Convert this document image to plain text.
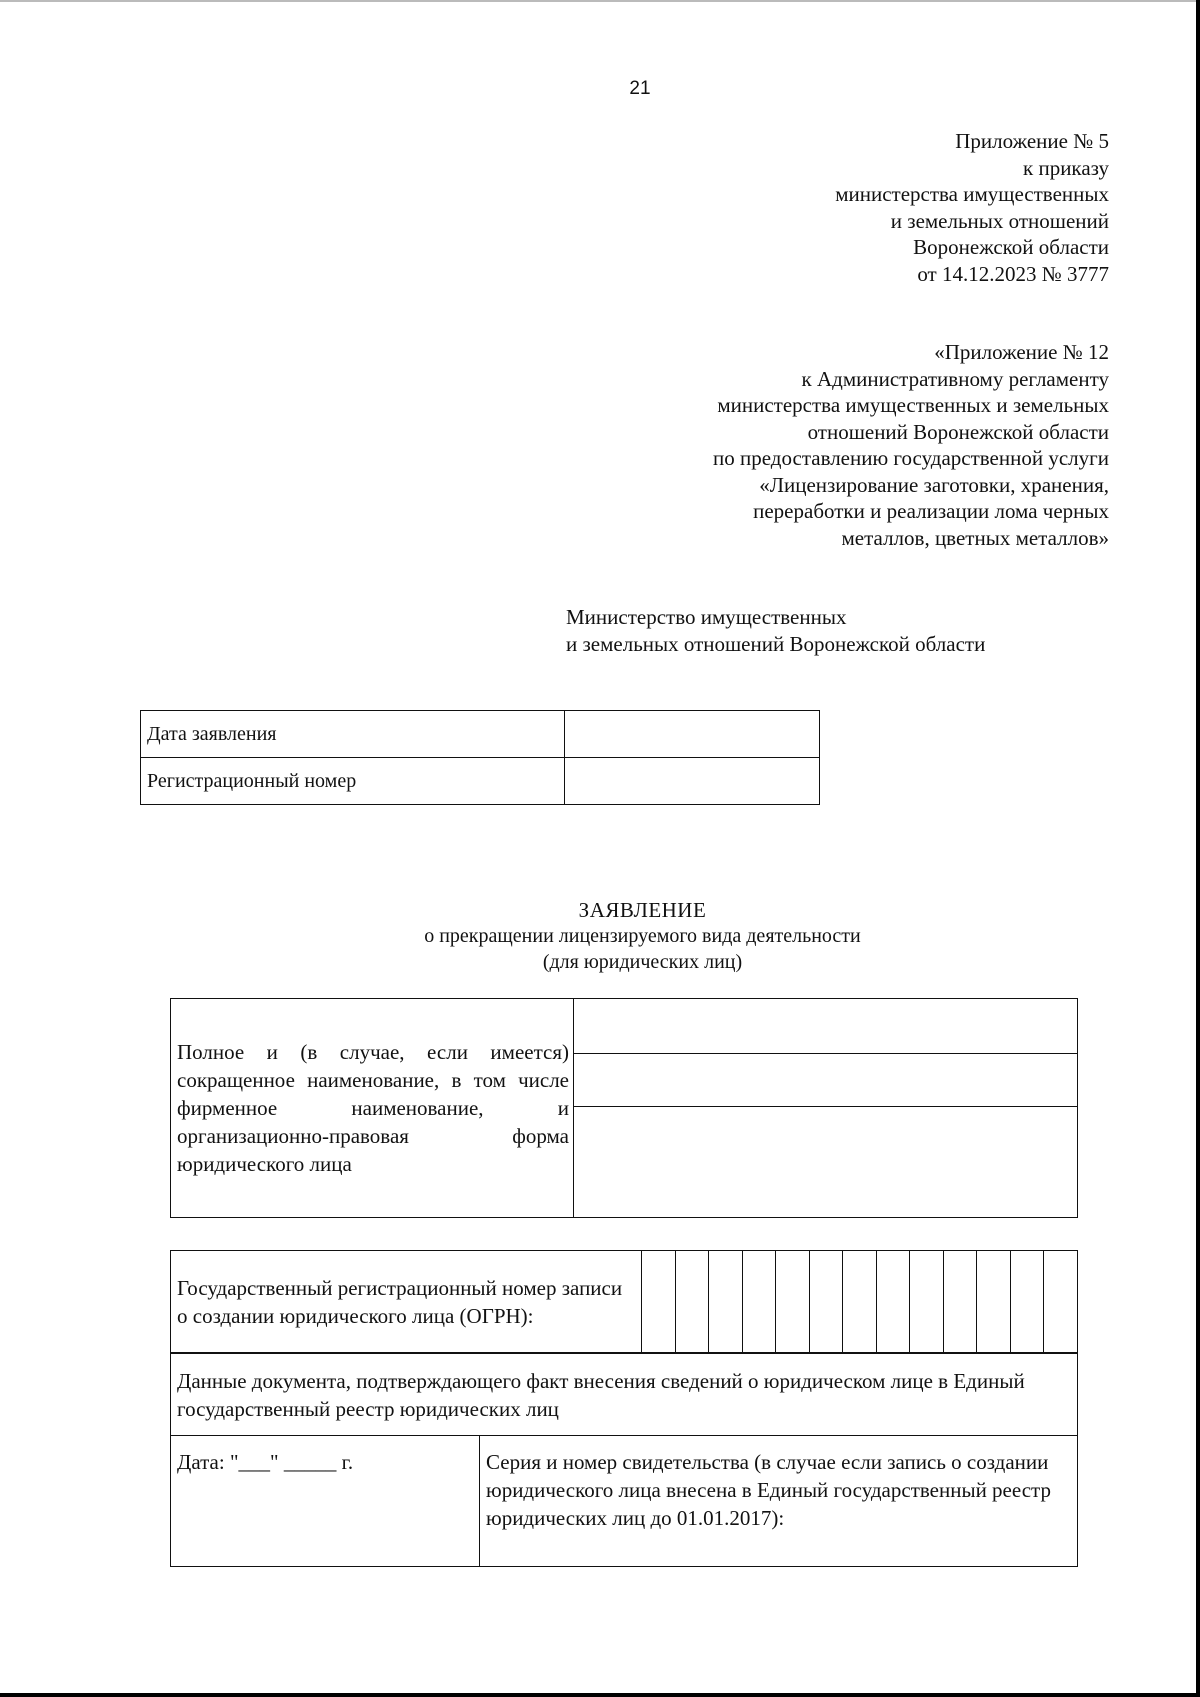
21
Приложение № 5
к приказу
министерства имущественных
и земельных отношений
Воронежской области
от 14.12.2023 № 3777
«Приложение № 12
к Административному регламенту
министерства имущественных и земельных
отношений Воронежской области
по предоставлению государственной услуги
«Лицензирование заготовки, хранения,
переработки и реализации лома черных
металлов, цветных металлов»
Министерство имущественных
и земельных отношений Воронежской области
Дата заявления	
Регистрационный номер	
ЗАЯВЛЕНИЕ
о прекращении лицензируемого вида деятельности
(для юридических лиц)
Полное и (в случае, если имеется) сокращенное наименование, в том числе фирменное наименование, и организационно-правовая форма юридического лица	
Государственный регистрационный номер записи о создании юридического лица (ОГРН):													
Данные документа, подтверждающего факт внесения сведений о юридическом лице в Единый государственный реестр юридических лиц
Дата: "___" _____ г.	Серия и номер свидетельства (в случае если запись о создании юридического лица внесена в Единый государственный реестр юридических лиц до 01.01.2017):
